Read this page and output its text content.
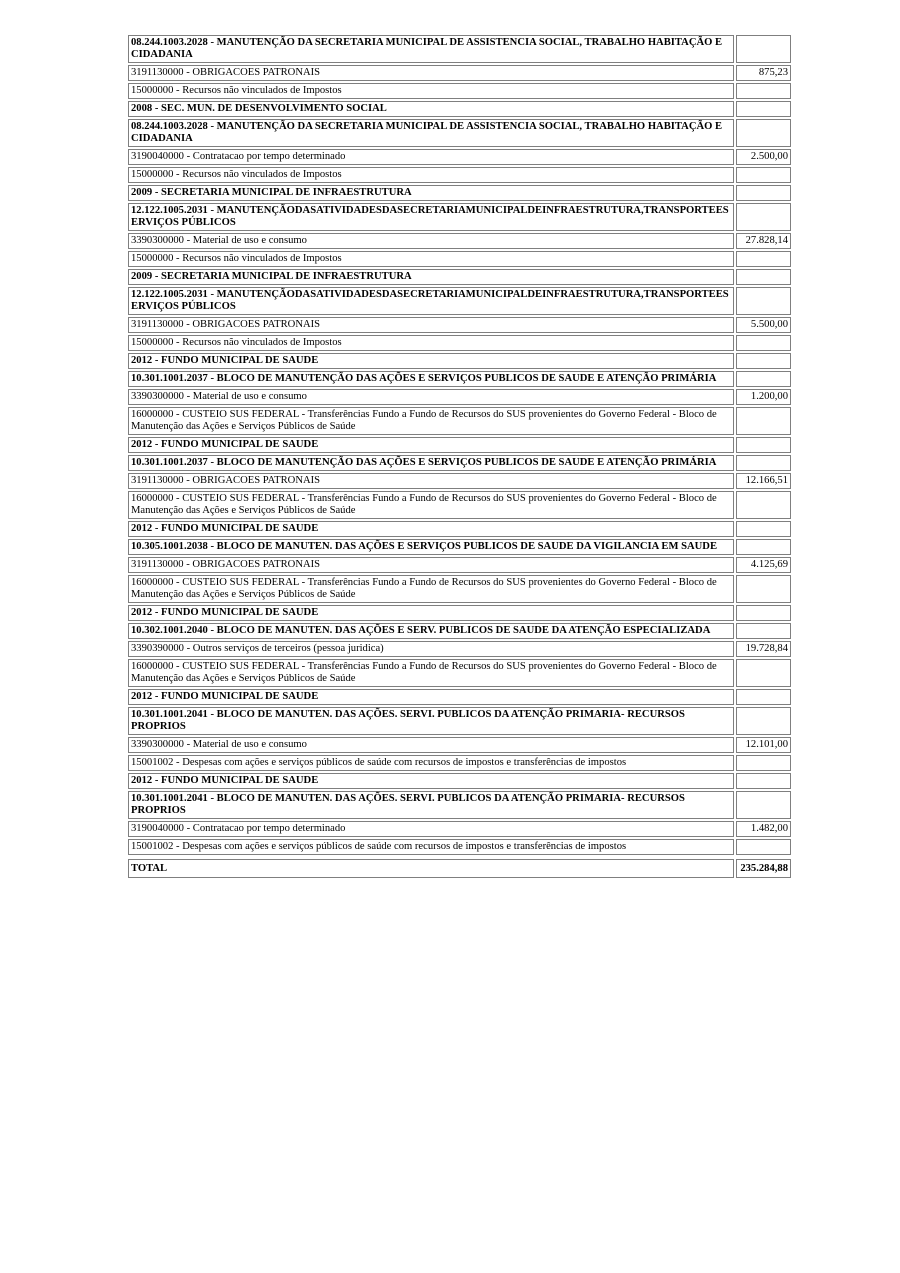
08.244.1003.2028 - MANUTENÇÃO DA SECRETARIA MUNICIPAL DE ASSISTENCIA SOCIAL, TRABALHO HABITAÇÃO E CIDADANIA	
3191130000 - OBRIGACOES PATRONAIS	875,23
15000000 - Recursos não vinculados de Impostos	
2008 - SEC. MUN. DE DESENVOLVIMENTO SOCIAL	
08.244.1003.2028 - MANUTENÇÃO DA SECRETARIA MUNICIPAL DE ASSISTENCIA SOCIAL, TRABALHO HABITAÇÃO E CIDADANIA	
3190040000 - Contratacao por tempo determinado	2.500,00
15000000 - Recursos não vinculados de Impostos	
2009 - SECRETARIA MUNICIPAL DE INFRAESTRUTURA	
12.122.1005.2031 - MANUTENÇÃODASATIVIDADESDASECRETARIAMUNICIPALDEINFRAESTRUTURA,TRANSPORTEESERVIÇOS PÚBLICOS	
3390300000 - Material de uso e consumo	27.828,14
15000000 - Recursos não vinculados de Impostos	
2009 - SECRETARIA MUNICIPAL DE INFRAESTRUTURA	
12.122.1005.2031 - MANUTENÇÃODASATIVIDADESDASECRETARIAMUNICIPALDEINFRAESTRUTURA,TRANSPORTEESERVIÇOS PÚBLICOS	
3191130000 - OBRIGACOES PATRONAIS	5.500,00
15000000 - Recursos não vinculados de Impostos	
2012 - FUNDO MUNICIPAL DE SAUDE	
10.301.1001.2037 - BLOCO DE MANUTENÇÃO DAS AÇÕES E SERVIÇOS PUBLICOS DE SAUDE E ATENÇÃO PRIMÁRIA	
3390300000 - Material de uso e consumo	1.200,00
16000000 - CUSTEIO SUS FEDERAL - Transferências Fundo a Fundo de Recursos do SUS provenientes do Governo Federal - Bloco de Manutenção das Ações e Serviços Públicos de Saúde	
2012 - FUNDO MUNICIPAL DE SAUDE	
10.301.1001.2037 - BLOCO DE MANUTENÇÃO DAS AÇÕES E SERVIÇOS PUBLICOS DE SAUDE E ATENÇÃO PRIMÁRIA	
3191130000 - OBRIGACOES PATRONAIS	12.166,51
16000000 - CUSTEIO SUS FEDERAL - Transferências Fundo a Fundo de Recursos do SUS provenientes do Governo Federal - Bloco de Manutenção das Ações e Serviços Públicos de Saúde	
2012 - FUNDO MUNICIPAL DE SAUDE	
10.305.1001.2038 - BLOCO DE MANUTEN. DAS AÇÕES E SERVIÇOS PUBLICOS DE SAUDE DA VIGILANCIA EM SAUDE	
3191130000 - OBRIGACOES PATRONAIS	4.125,69
16000000 - CUSTEIO SUS FEDERAL - Transferências Fundo a Fundo de Recursos do SUS provenientes do Governo Federal - Bloco de Manutenção das Ações e Serviços Públicos de Saúde	
2012 - FUNDO MUNICIPAL DE SAUDE	
10.302.1001.2040 - BLOCO DE MANUTEN. DAS AÇÕES E SERV. PUBLICOS DE SAUDE DA ATENÇÃO ESPECIALIZADA	
3390390000 - Outros serviços de terceiros (pessoa juridica)	19.728,84
16000000 - CUSTEIO SUS FEDERAL - Transferências Fundo a Fundo de Recursos do SUS provenientes do Governo Federal - Bloco de Manutenção das Ações e Serviços Públicos de Saúde	
2012 - FUNDO MUNICIPAL DE SAUDE	
10.301.1001.2041 - BLOCO DE MANUTEN. DAS AÇÕES. SERVI. PUBLICOS DA ATENÇÃO PRIMARIA- RECURSOS PROPRIOS	
3390300000 - Material de uso e consumo	12.101,00
15001002 - Despesas com ações e serviços públicos de saúde com recursos de impostos e transferências de impostos	
2012 - FUNDO MUNICIPAL DE SAUDE	
10.301.1001.2041 - BLOCO DE MANUTEN. DAS AÇÕES. SERVI. PUBLICOS DA ATENÇÃO PRIMARIA- RECURSOS PROPRIOS	
3190040000 - Contratacao por tempo determinado	1.482,00
15001002 - Despesas com ações e serviços públicos de saúde com recursos de impostos e transferências de impostos	

TOTAL	235.284,88
